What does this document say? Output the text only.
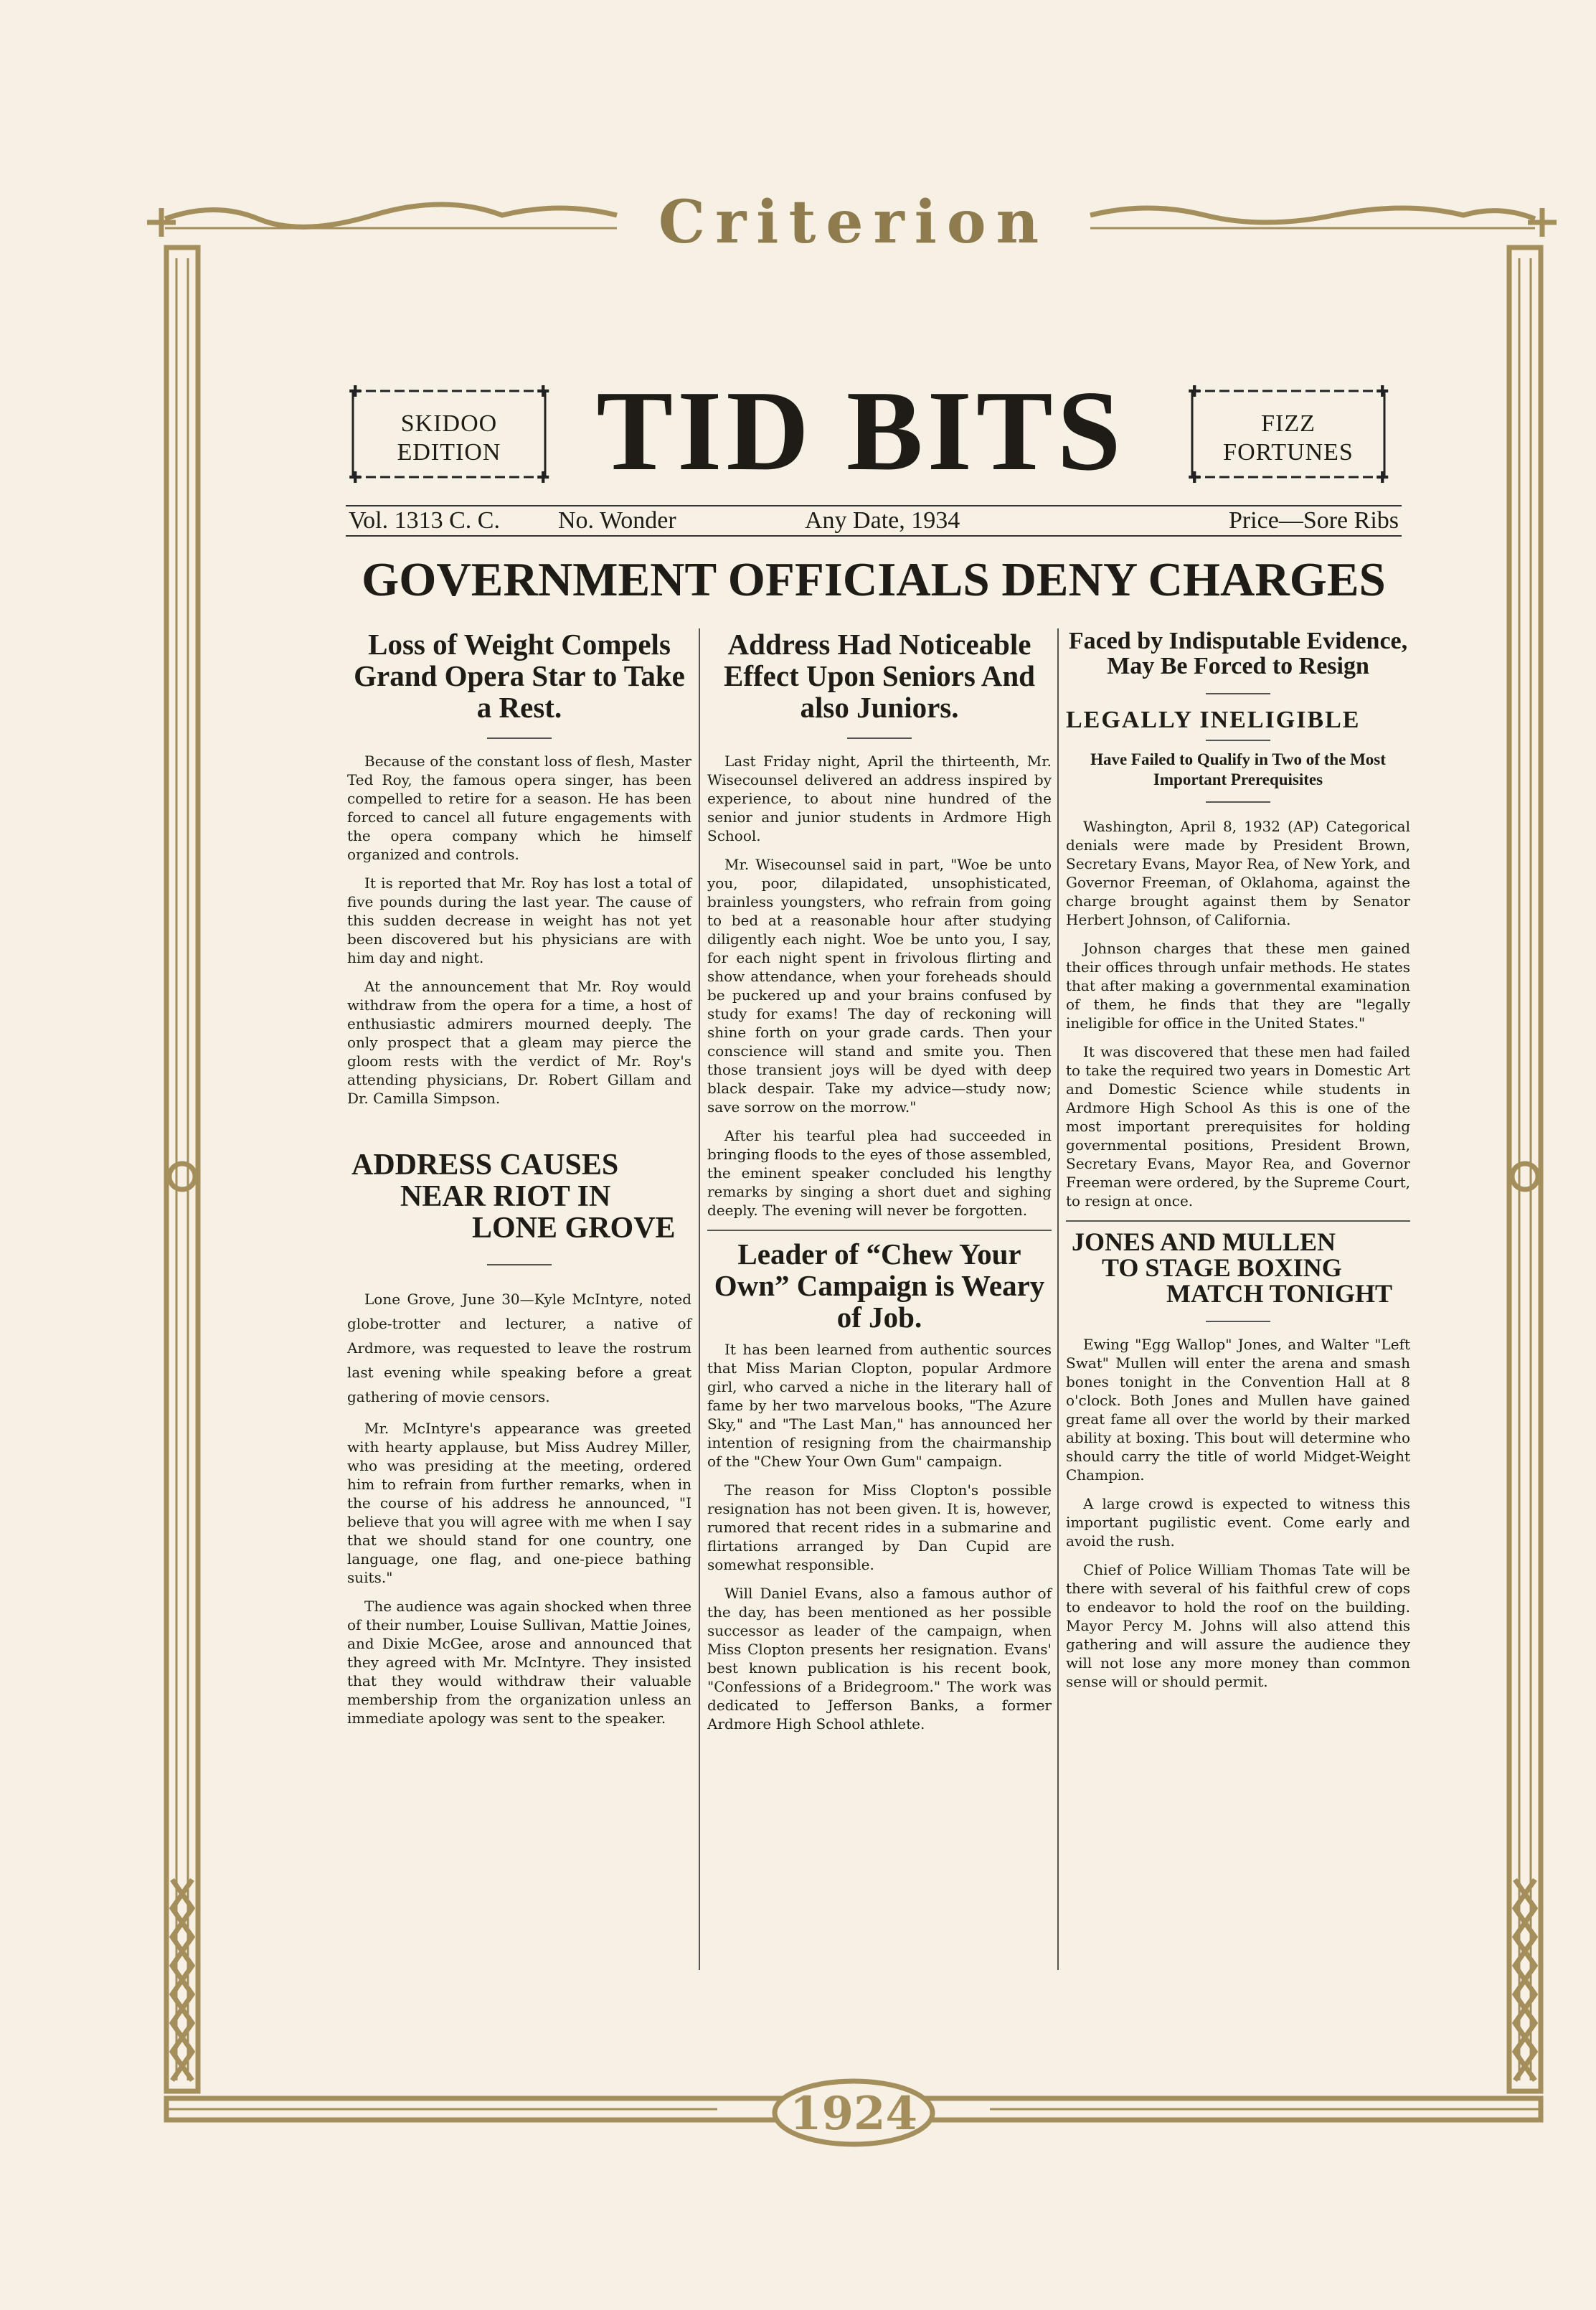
1924
Criterion
✚	✚
✚	✚
SKIDOO
EDITION TID BITS	✚	✚
✚	✚
FIZZ
FORTUNES
Vol. 1313 C. C. No. Wonder	Any Date, 1934	Price—Sore Ribs
GOVERNMENT OFFICIALS DENY CHARGES
Loss of Weight Compels Grand Opera Star to Take a Rest.

Because of the constant loss of flesh, Master Ted Roy, the famous opera singer, has been compelled to retire for a season. He has been forced to cancel all future engagements with the opera company which he himself organized and controls.

It is reported that Mr. Roy has lost a total of five pounds during the last year. The cause of this sudden decrease in weight has not yet been discovered but his physicians are with him day and night.

At the announcement that Mr. Roy would withdraw from the opera for a time, a host of enthusiastic admirers mourned deeply. The only prospect that a gleam may pierce the gloom rests with the verdict of Mr. Roy's attending physicians, Dr. Robert Gillam and Dr. Camilla Simpson.

ADDRESS CAUSES
NEAR RIOT IN
LONE GROVE

Lone Grove, June 30—Kyle McIntyre, noted globe-trotter and lecturer, a native of Ardmore, was requested to leave the rostrum last evening while speaking before a great gathering of movie censors.

Mr. McIntyre's appearance was greeted with hearty applause, but Miss Audrey Miller, who was presiding at the meeting, ordered him to refrain from further remarks, when in the course of his address he announced, "I believe that you will agree with me when I say that we should stand for one country, one language, one flag, and one-piece bathing suits."

The audience was again shocked when three of their number, Louise Sullivan, Mattie Joines, and Dixie McGee, arose and announced that they agreed with Mr. McIntyre. They insisted that they would withdraw their valuable membership from the organization unless an immediate apology was sent to the speaker.

Address Had Noticeable Effect Upon Seniors And also Juniors.

Last Friday night, April the thirteenth, Mr. Wisecounsel delivered an address inspired by experience, to about nine hundred of the senior and junior students in Ardmore High School.

Mr. Wisecounsel said in part, "Woe be unto you, poor, dilapidated, unsophisticated, brainless youngsters, who refrain from going to bed at a reasonable hour after studying diligently each night. Woe be unto you, I say, for each night spent in frivolous flirting and show attendance, when your foreheads should be puckered up and your brains confused by study for exams! The day of reckoning will shine forth on your grade cards. Then your conscience will stand and smite you. Then those transient joys will be dyed with deep black despair. Take my advice—study now; save sorrow on the morrow."

After his tearful plea had succeeded in bringing floods to the eyes of those assembled, the eminent speaker concluded his lengthy remarks by singing a short duet and sighing deeply. The evening will never be forgotten.

Leader of “Chew Your Own” Campaign is Weary of Job.

It has been learned from authentic sources that Miss Marian Clopton, popular Ardmore girl, who carved a niche in the literary hall of fame by her two marvelous books, "The Azure Sky," and "The Last Man," has announced her intention of resigning from the chairmanship of the "Chew Your Own Gum" campaign.

The reason for Miss Clopton's possible resignation has not been given. It is, however, rumored that recent rides in a submarine and flirtations arranged by Dan Cupid are somewhat responsible.

Will Daniel Evans, also a famous author of the day, has been mentioned as her possible successor as leader of the campaign, when Miss Clopton presents her resignation. Evans' best known publication is his recent book, "Confessions of a Bridegroom." The work was dedicated to Jefferson Banks, a former Ardmore High School athlete.

Faced by Indisputable Evidence, May Be Forced to Resign
LEGALLY INELIGIBLE
Have Failed to Qualify in Two of the Most Important Prerequisites

Washington, April 8, 1932 (AP) Categorical denials were made by President Brown, Secretary Evans, Mayor Rea, of New York, and Governor Freeman, of Oklahoma, against the charge brought against them by Senator Herbert Johnson, of California.

Johnson charges that these men gained their offices through unfair methods. He states that after making a governmental examination of them, he finds that they are "legally ineligible for office in the United States."

It was discovered that these men had failed to take the required two years in Domestic Art and Domestic Science while students in Ardmore High School As this is one of the most important prerequisites for holding governmental positions, President Brown, Secretary Evans, Mayor Rea, and Governor Freeman were ordered, by the Supreme Court, to resign at once.

JONES AND MULLEN
TO STAGE BOXING
MATCH TONIGHT

Ewing "Egg Wallop" Jones, and Walter "Left Swat" Mullen will enter the arena and smash bones tonight in the Convention Hall at 8 o'clock. Both Jones and Mullen have gained great fame all over the world by their marked ability at boxing. This bout will determine who should carry the title of world Midget-Weight Champion.

A large crowd is expected to witness this important pugilistic event. Come early and avoid the rush.

Chief of Police William Thomas Tate will be there with several of his faithful crew of cops to endeavor to hold the roof on the building. Mayor Percy M. Johns will also attend this gathering and will assure the audience they will not lose any more money than common sense will or should permit.
